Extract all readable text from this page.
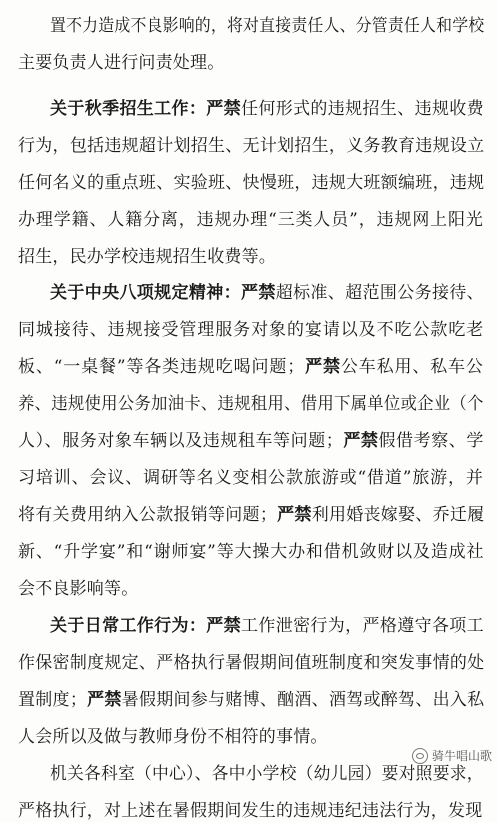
置不力造成不良影响的，将对直接责任人、分管责任人和学校
主要负责人进行问责处理。
关于秋季招生工作：严禁任何形式的违规招生、违规收费
行为，包括违规超计划招生、无计划招生，义务教育违规设立
任何名义的重点班、实验班、快慢班，违规大班额编班，违规
办理学籍、人籍分离，违规办理“三类人员”，违规网上阳光
招生，民办学校违规招生收费等。
关于中央八项规定精神：严禁超标准、超范围公务接待、
同城接待、违规接受管理服务对象的宴请以及不吃公款吃老
板、“一桌餐”等各类违规吃喝问题；严禁公车私用、私车公
养、违规使用公务加油卡、违规租用、借用下属单位或企业（个
人）、服务对象车辆以及违规租车等问题；严禁假借考察、学
习培训、会议、调研等名义变相公款旅游或“借道”旅游，并
将有关费用纳入公款报销等问题；严禁利用婚丧嫁娶、乔迁履
新、“升学宴”和“谢师宴”等大操大办和借机敛财以及造成社
会不良影响等。
关于日常工作行为：严禁工作泄密行为，严格遵守各项工
作保密制度规定、严格执行暑假期间值班制度和突发事情的处
置制度；严禁暑假期间参与赌博、酗酒、酒驾或醉驾、出入私
人会所以及做与教师身份不相符的事情。
机关各科室（中心）、各中小学校（幼儿园）要对照要求，
严格执行，对上述在暑假期间发生的违规违纪违法行为，发现
骑牛唱山歌
